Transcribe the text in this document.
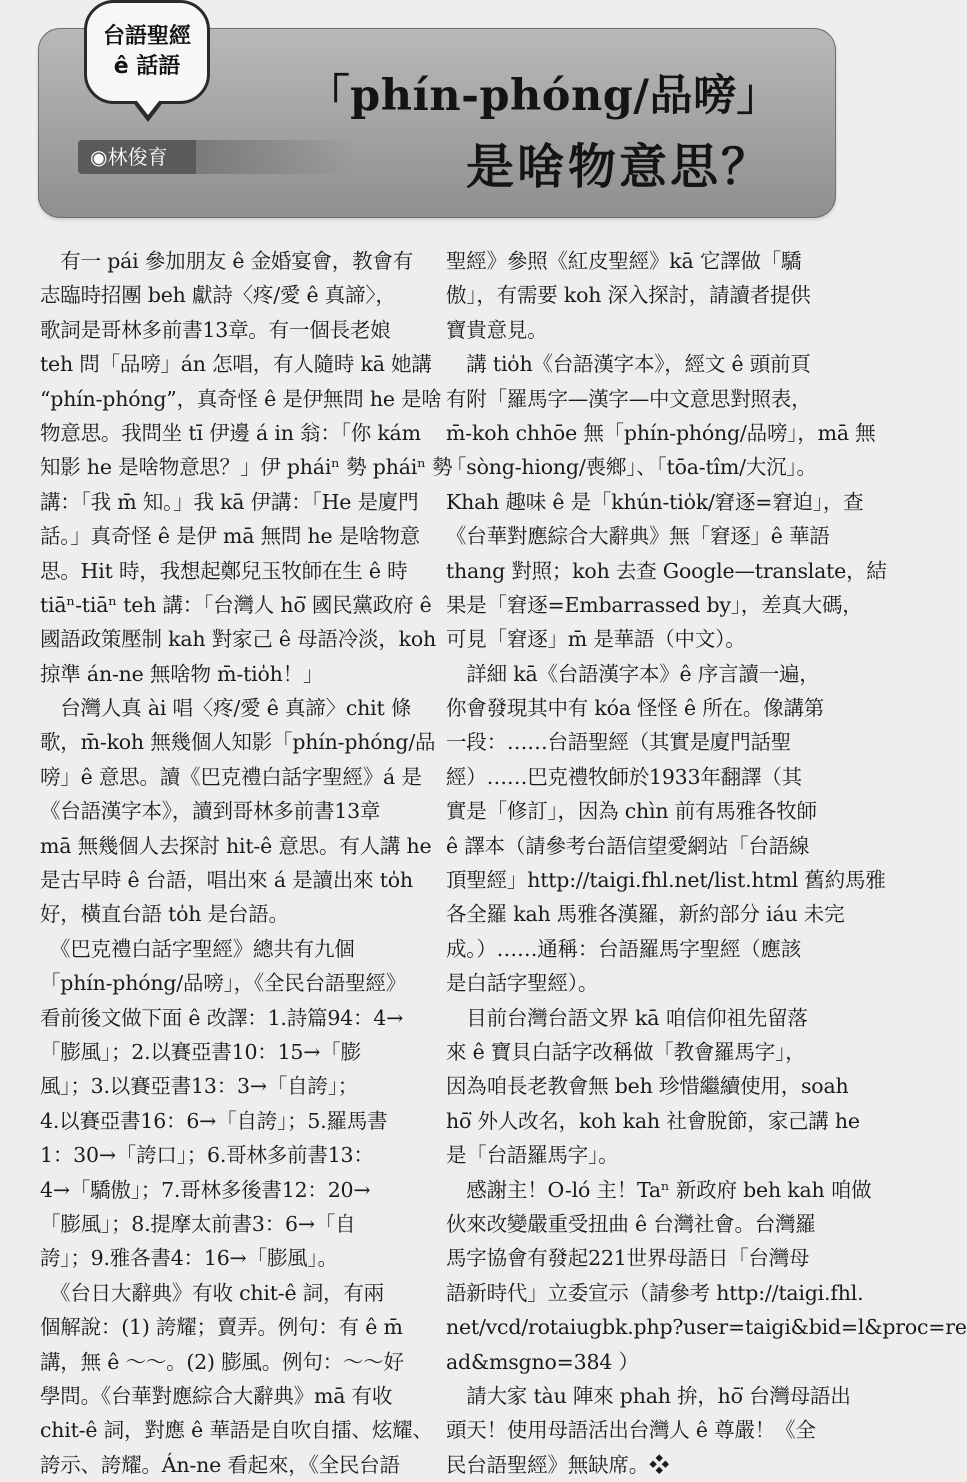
台語聖經
ê 話語
◉林俊育
「phín-phóng/品嗙」
是啥物意思？
　有一 pái 參加朋友 ê 金婚宴會，教會有
志臨時招團 beh 獻詩〈疼/愛 ê 真諦〉，
歌詞是哥林多前書13章。有一個長老娘
teh 問「品嗙」án 怎唱，有人隨時 kā 她講
“phín-phóng”，真奇怪 ê 是伊無問 he 是啥
物意思。我問坐 tī 伊邊 á in 翁：「你 kám
知影 he 是啥物意思？」伊 pháiⁿ 勢 pháiⁿ 勢
講：「我 m̄ 知。」我 kā 伊講：「He 是廈門
話。」真奇怪 ê 是伊 mā 無問 he 是啥物意
思。Hit 時，我想起鄭兒玉牧師在生 ê 時
tiāⁿ-tiāⁿ teh 講：「台灣人 hō͘ 國民黨政府 ê
國語政策壓制 kah 對家己 ê 母語冷淡，koh
掠準 án-ne 無啥物 m̄-tio̍h！」
　台灣人真 ài 唱〈疼/愛 ê 真諦〉chit 條
歌，m̄-koh 無幾個人知影「phín-phóng/品
嗙」ê 意思。讀《巴克禮白話字聖經》á 是
《台語漢字本》，讀到哥林多前書13章
mā 無幾個人去探討 hit-ê 意思。有人講 he
是古早時 ê 台語，唱出來 á 是讀出來 to̍h
好，橫直台語 to̍h 是台語。
　《巴克禮白話字聖經》總共有九個
「phín-phóng/品嗙」，《全民台語聖經》
看前後文做下面 ê 改譯：1.詩篇94：4→
「膨風」；2.以賽亞書10：15→「膨
風」；3.以賽亞書13：3→「自誇」；
4.以賽亞書16：6→「自誇」；5.羅馬書
1：30→「誇口」；6.哥林多前書13：
4→「驕傲」；7.哥林多後書12：20→
「膨風」；8.提摩太前書3：6→「自
誇」；9.雅各書4：16→「膨風」。
　《台日大辭典》有收 chit-ê 詞，有兩
個解說：(1) 誇耀；賣弄。例句：有 ê m̄
講，無 ê ～～。(2) 膨風。例句：～～好
學問。《台華對應綜合大辭典》mā 有收
chit-ê 詞，對應 ê 華語是自吹自擂、炫耀、
誇示、誇耀。Án-ne 看起來，《全民台語
聖經》參照《紅皮聖經》kā 它譯做「驕
傲」，有需要 koh 深入探討，請讀者提供
寶貴意見。
　講 tio̍h《台語漢字本》，經文 ê 頭前頁
有附「羅馬字—漢字—中文意思對照表，
m̄-koh chhōe 無「phín-phóng/品嗙」，mā 無
「sòng-hiong/喪鄉」、「tōa-tîm/大沉」。
Khah 趣味 ê 是「khún-tio̍k/窘逐=窘迫」，查
《台華對應綜合大辭典》無「窘逐」ê 華語
thang 對照；koh 去查 Google—translate，結
果是「窘逐=Embarrassed by」，差真大碼，
可見「窘逐」m̄ 是華語（中文）。
　詳細 kā《台語漢字本》ê 序言讀一遍，
你會發現其中有 kóa 怪怪 ê 所在。像講第
一段：……台語聖經（其實是廈門話聖
經）……巴克禮牧師於1933年翻譯（其
實是「修訂」，因為 chìn 前有馬雅各牧師
ê 譯本（請參考台語信望愛網站「台語線
頂聖經」http://taigi.fhl.net/list.html 舊約馬雅
各全羅 kah 馬雅各漢羅，新約部分 iáu 未完
成。）……通稱：台語羅馬字聖經（應該
是白話字聖經）。
　目前台灣台語文界 kā 咱信仰祖先留落
來 ê 寶貝白話字改稱做「教會羅馬字」，
因為咱長老教會無 beh 珍惜繼續使用，soah
hō͘ 外人改名，koh kah 社會脫節，家己講 he
是「台語羅馬字」。
　感謝主！O-ló 主！Taⁿ 新政府 beh kah 咱做
伙來改變嚴重受扭曲 ê 台灣社會。台灣羅
馬字協會有發起221世界母語日「台灣母
語新時代」立委宣示（請參考 http://taigi.fhl.
net/vcd/rotaiugbk.php?user=taigi&bid=l&proc=re
ad&msgno=384 ）
　請大家 tàu 陣來 phah 拚，hō͘ 台灣母語出
頭天！使用母語活出台灣人 ê 尊嚴！《全
民台語聖經》無缺席。❖
